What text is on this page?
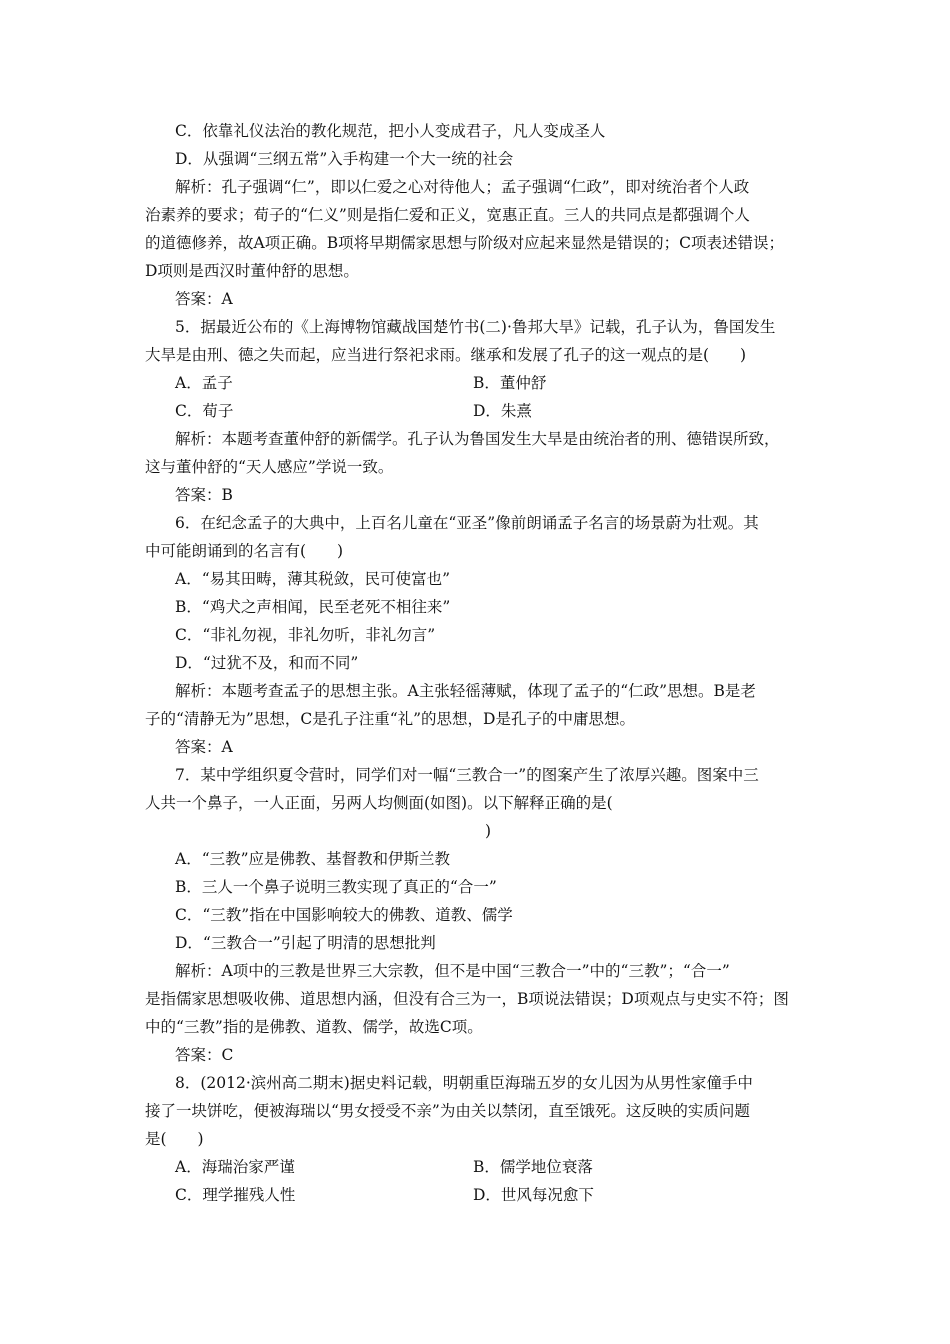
C．依靠礼仪法治的教化规范，把小人变成君子，凡人变成圣人
D．从强调“三纲五常”入手构建一个大一统的社会
解析：孔子强调“仁”，即以仁爱之心对待他人；孟子强调“仁政”，即对统治者个人政
治素养的要求；荀子的“仁义”则是指仁爱和正义，宽惠正直。三人的共同点是都强调个人
的道德修养，故A项正确。B项将早期儒家思想与阶级对应起来显然是错误的；C项表述错误；
D项则是西汉时董仲舒的思想。
答案：A
5．据最近公布的《上海博物馆藏战国楚竹书(二)·鲁邦大旱》记载，孔子认为，鲁国发生
大旱是由刑、德之失而起，应当进行祭祀求雨。继承和发展了孔子的这一观点的是(　　)
A．孟子	B．董仲舒
C．荀子	D．朱熹
解析：本题考查董仲舒的新儒学。孔子认为鲁国发生大旱是由统治者的刑、德错误所致，
这与董仲舒的“天人感应”学说一致。
答案：B
6．在纪念孟子的大典中，上百名儿童在“亚圣”像前朗诵孟子名言的场景蔚为壮观。其
中可能朗诵到的名言有(　　)
A．“易其田畴，薄其税敛，民可使富也”
B．“鸡犬之声相闻，民至老死不相往来”
C．“非礼勿视，非礼勿听，非礼勿言”
D．“过犹不及，和而不同”
解析：本题考查孟子的思想主张。A主张轻徭薄赋，体现了孟子的“仁政”思想。B是老
子的“清静无为”思想，C是孔子注重“礼”的思想，D是孔子的中庸思想。
答案：A
7．某中学组织夏令营时，同学们对一幅“三教合一”的图案产生了浓厚兴趣。图案中三
人共一个鼻子，一人正面，另两人均侧面(如图)。以下解释正确的是(
)
A．“三教”应是佛教、基督教和伊斯兰教
B．三人一个鼻子说明三教实现了真正的“合一”
C．“三教”指在中国影响较大的佛教、道教、儒学
D．“三教合一”引起了明清的思想批判
解析：A项中的三教是世界三大宗教，但不是中国“三教合一”中的“三教”；“合一”
是指儒家思想吸收佛、道思想内涵，但没有合三为一，B项说法错误；D项观点与史实不符；图
中的“三教”指的是佛教、道教、儒学，故选C项。
答案：C
8．(2012·滨州高二期末)据史料记载，明朝重臣海瑞五岁的女儿因为从男性家僮手中
接了一块饼吃，便被海瑞以“男女授受不亲”为由关以禁闭，直至饿死。这反映的实质问题
是(　　)
A．海瑞治家严谨	B．儒学地位衰落
C．理学摧残人性	D．世风每况愈下
